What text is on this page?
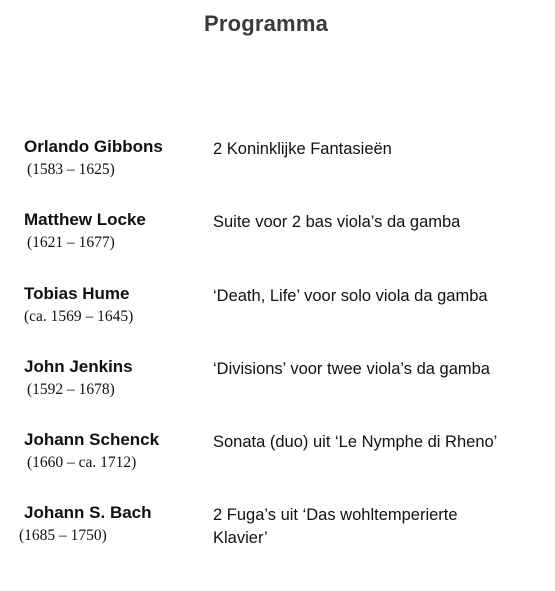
Programma
Orlando Gibbons
(1583 – 1625)
2 Koninklijke Fantasieën
Matthew Locke
(1621 – 1677)
Suite voor 2 bas viola’s da gamba
Tobias Hume
(ca. 1569 – 1645)
‘Death, Life’ voor solo viola da gamba
John Jenkins
(1592 – 1678)
‘Divisions’ voor twee viola’s da gamba
Johann Schenck
(1660 – ca. 1712)
Sonata (duo) uit ‘Le Nymphe di Rheno’
Johann S. Bach
(1685 – 1750)
2 Fuga’s uit ‘Das wohltemperierte Klavier’
